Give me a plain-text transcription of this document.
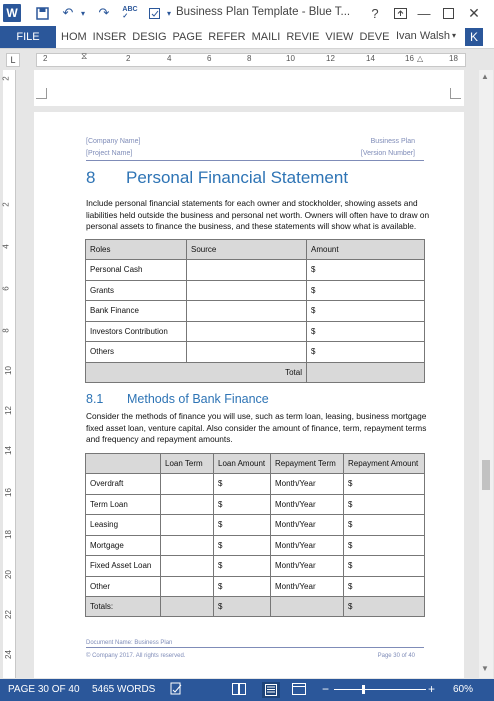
W	↶ ▾ ↷	ABC
✓	▾ Business Plan Template - Blue T... ?	—	✕
FILE	HOM INSER DESIG PAGE REFER MAILI REVIE VIEW DEVE Ivan Walsh ▾	K
L	2	⧖	2	4	6	8	10	12	14	△
16	18
2
2
4
6
8
10
12
14
16
18
20
22
24
[Company Name]	Business Plan
[Project Name]	[Version Number]
8 Personal Financial Statement
Include personal financial statements for each owner and stockholder, showing assets and
liabilities held outside the business and personal net worth. Owners will often have to draw on
personal assets to finance the business, and these statements will show what is available.
Roles	Source	Amount
Personal Cash		$
Grants		$
Bank Finance		$
Investors Contribution		$
Others		$
Total		
8.1 Methods of Bank Finance
Consider the methods of finance you will use, such as term loan, leasing, business mortgage
fixed asset loan, venture capital. Also consider the amount of finance, term, repayment terms
and frequency and repayment amounts.
	Loan Term	Loan Amount	Repayment Term	Repayment Amount
Overdraft		$	Month/Year	$
Term Loan		$	Month/Year	$
Leasing		$	Month/Year	$
Mortgage		$	Month/Year	$
Fixed Asset Loan		$	Month/Year	$
Other		$	Month/Year	$
Totals:		$		$
Document Name: Business Plan
© Company 2017. All rights reserved.	Page 30 of 40
▲
▼
PAGE 30 OF 40 5465 WORDS	−	+ 60%
